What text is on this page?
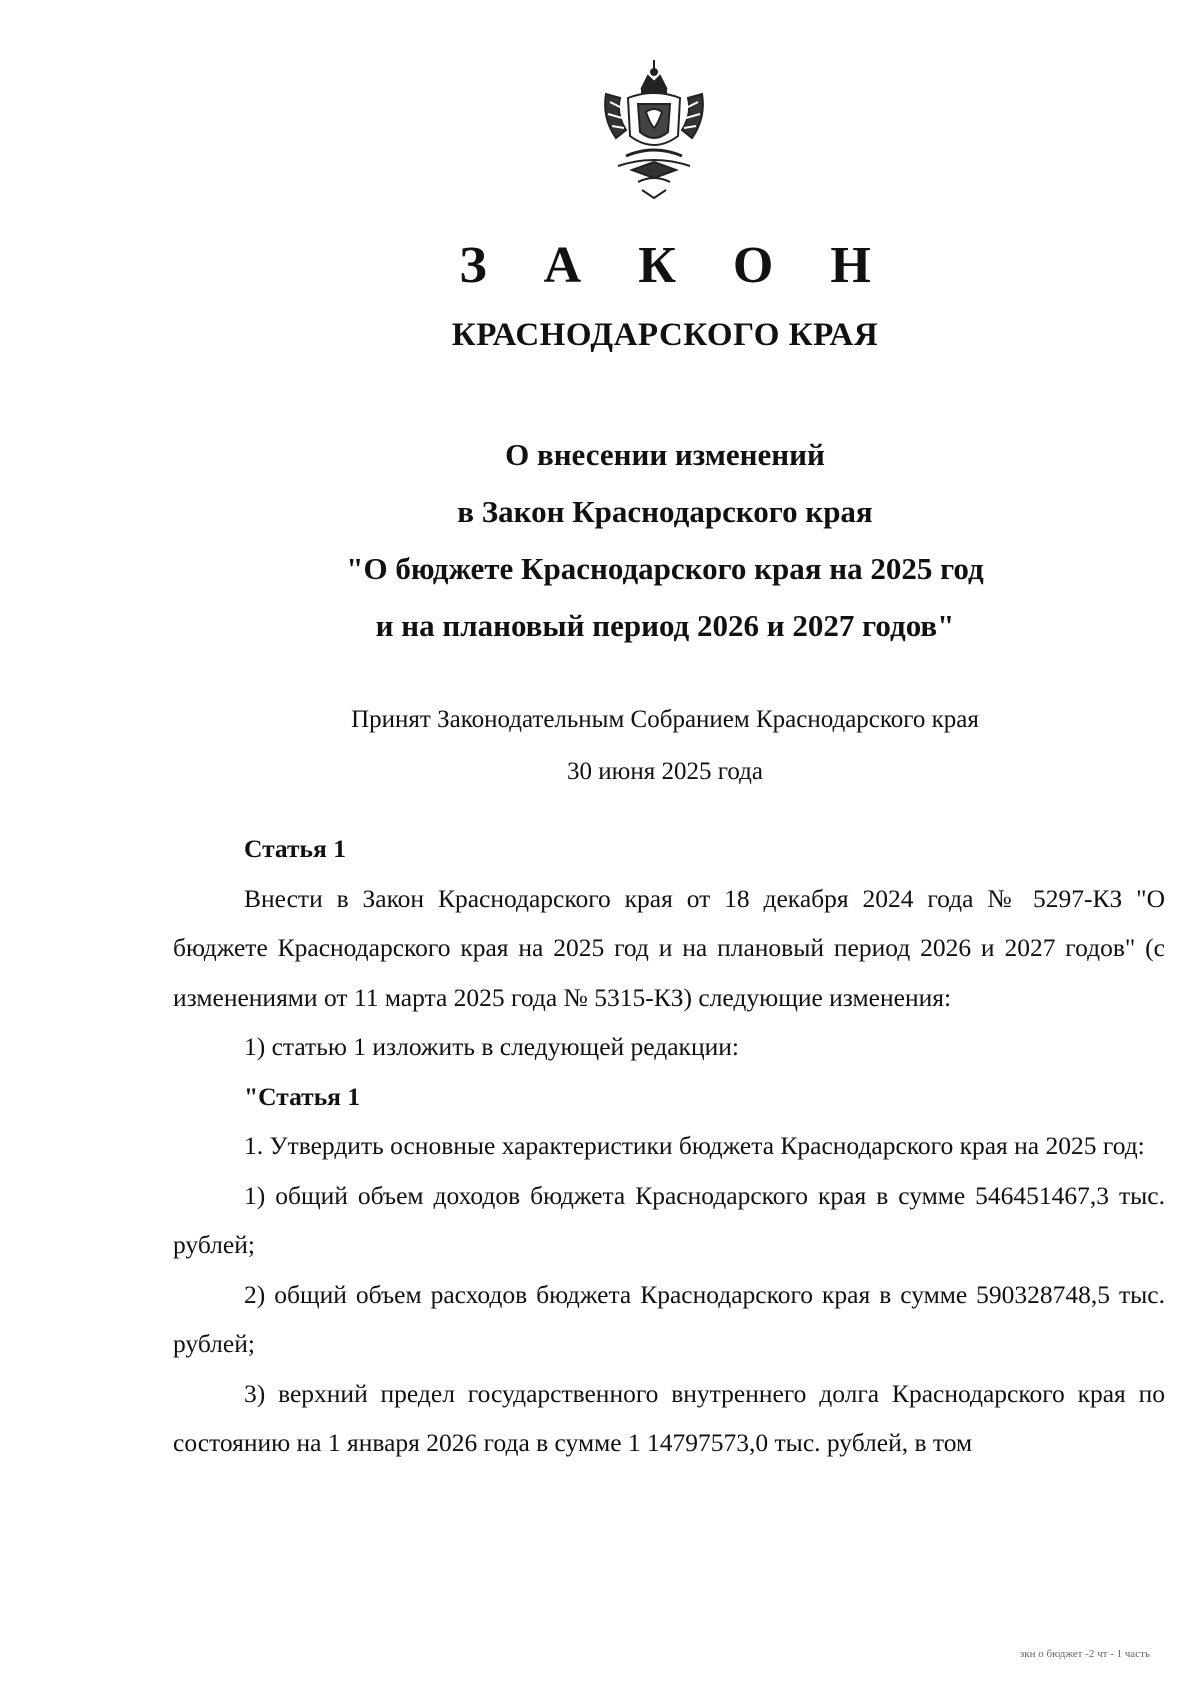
З А К О Н
КРАСНОДАРСКОГО КРАЯ
О внесении изменений
в Закон Краснодарского края
"О бюджете Краснодарского края на 2025 год
и на плановый период 2026 и 2027 годов"
Принят Законодательным Собранием Краснодарского края
30 июня 2025 года

Статья 1

Внести в Закон Краснодарского края от 18 декабря 2024 года № 5297-КЗ "О бюджете Краснодарского края на 2025 год и на плановый период 2026 и 2027 годов" (с изменениями от 11 марта 2025 года № 5315-КЗ) следующие изменения:

1) статью 1 изложить в следующей редакции:

"Статья 1

1. Утвердить основные характеристики бюджета Краснодарского края на 2025 год:

1) общий объем доходов бюджета Краснодарского края в сумме 546451467,3 тыс. рублей;

2) общий объем расходов бюджета Краснодарского края в сумме 590328748,5 тыс. рублей;

3) верхний предел государственного внутреннего долга Краснодарского края по состоянию на 1 января 2026 года в сумме 1 14797573,0 тыс. рублей, в том

зкн о бюджет -2 чт - 1 часть
